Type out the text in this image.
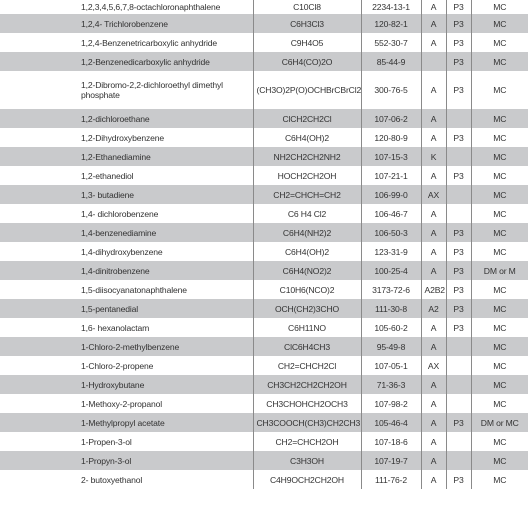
1,2,3,4,5,6,7,8-octachloronaphthalene	C10Cl8	2234-13-1	A	P3	MC
1,2,4- Trichlorobenzene	C6H3Cl3	120-82-1	A	P3	MC
1,2,4-Benzenetricarboxylic anhydride	C9H4O5	552-30-7	A	P3	MC
1,2-Benzenedicarboxylic anhydride	C6H4(CO)2O	85-44-9		P3	MC
1,2-Dibromo-2,2-dichloroethyl dimethyl phosphate	(CH3O)2P(O)OCHBrCBrCl2	300-76-5	A	P3	MC
1,2-dichloroethane	ClCH2CH2Cl	107-06-2	A		MC
1,2-Dihydroxybenzene	C6H4(OH)2	120-80-9	A	P3	MC
1,2-Ethanediamine	NH2CH2CH2NH2	107-15-3	K		MC
1,2-ethanediol	HOCH2CH2OH	107-21-1	A	P3	MC
1,3- butadiene	CH2=CHCH=CH2	106-99-0	AX		MC
1,4- dichlorobenzene	C6 H4 Cl2	106-46-7	A		MC
1,4-benzenediamine	C6H4(NH2)2	106-50-3	A	P3	MC
1,4-dihydroxybenzene	C6H4(OH)2	123-31-9	A	P3	MC
1,4-dinitrobenzene	C6H4(NO2)2	100-25-4	A	P3	DM or M
1,5-diisocyanatonaphthalene	C10H6(NCO)2	3173-72-6	A2B2	P3	MC
1,5-pentanedial	OCH(CH2)3CHO	111-30-8	A2	P3	MC
1,6- hexanolactam	C6H11NO	105-60-2	A	P3	MC
1-Chloro-2-methylbenzene	ClC6H4CH3	95-49-8	A		MC
1-Chloro-2-propene	CH2=CHCH2Cl	107-05-1	AX		MC
1-Hydroxybutane	CH3CH2CH2CH2OH	71-36-3	A		MC
1-Methoxy-2-propanol	CH3CHOHCH2OCH3	107-98-2	A		MC
1-Methylpropyl acetate	CH3COOCH(CH3)CH2CH3	105-46-4	A	P3	DM or MC
1-Propen-3-ol	CH2=CHCH2OH	107-18-6	A		MC
1-Propyn-3-ol	C3H3OH	107-19-7	A		MC
2- butoxyethanol	C4H9OCH2CH2OH	111-76-2	A	P3	MC
